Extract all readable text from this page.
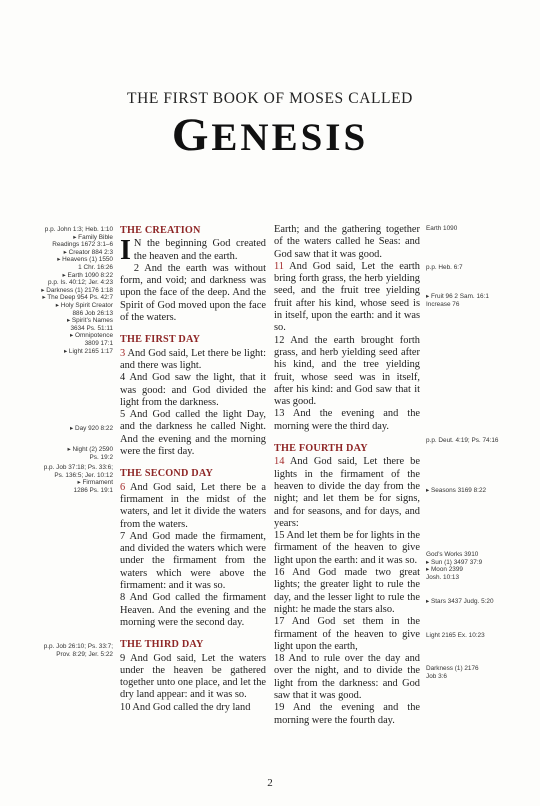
THE FIRST BOOK OF MOSES CALLED
GENESIS
p.p. John 1:3; Heb. 1:10
▸ Family Bible
Readings 1672 3:1–6
▸ Creator 884 2:3
▸ Heavens (1) 1550
1 Chr. 16:26
▸ Earth 1090 8:22
p.p. Is. 40:12; Jer. 4:23
▸ Darkness (1) 2176 1:18
▸ The Deep 954 Ps. 42:7
▸ Holy Spirit Creator
886 Job 26:13
▸ Spirit’s Names
3634 Ps. 51:11
▸ Omnipotence
3809 17:1
▸ Light 2165 1:17
▸ Day 920 8:22
▸ Night (2) 2590
Ps. 19:2
p.p. Job 37:18; Ps. 33:6;
Ps. 136:5; Jer. 10:12
▸ Firmament
1286 Ps. 19:1
p.p. Job 26:10; Ps. 33:7;
Prov. 8:29; Jer. 5:22
Earth 1090
p.p. Heb. 6:7
▸ Fruit 96 2 Sam. 16:1
Increase 76
p.p. Deut. 4:19; Ps. 74:16
▸ Seasons 3169 8:22
God’s Works 3910
▸ Sun (1) 3497 37:9
▸ Moon 2399
Josh. 10:13
▸ Stars 3437 Judg. 5:20
Light 2165 Ex. 10:23
Darkness (1) 2176
Job 3:6
THE CREATION
I N the beginning God created the heaven and the earth.
2 And the earth was without form, and void; and darkness was upon the face of the deep. And the Spirit of God moved upon the face of the waters.
THE FIRST DAY
3 And God said, Let there be light: and there was light.
4 And God saw the light, that it was good: and God divided the light from the darkness.
5 And God called the light Day, and the darkness he called Night. And the evening and the morning were the first day.
THE SECOND DAY
6 And God said, Let there be a firmament in the midst of the waters, and let it divide the waters from the waters.
7 And God made the firmament, and divided the waters which were under the firmament from the waters which were above the firmament: and it was so.
8 And God called the firmament Heaven. And the evening and the morning were the second day.
THE THIRD DAY
9 And God said, Let the waters under the heaven be gathered together unto one place, and let the dry land appear: and it was so.
10 And God called the dry land
Earth; and the gathering together of the waters called he Seas: and God saw that it was good.
11 And God said, Let the earth bring forth grass, the herb yielding seed, and the fruit tree yielding fruit after his kind, whose seed is in itself, upon the earth: and it was so.
12 And the earth brought forth grass, and herb yielding seed after his kind, and the tree yielding fruit, whose seed was in itself, after his kind: and God saw that it was good.
13 And the evening and the morning were the third day.
THE FOURTH DAY
14 And God said, Let there be lights in the firmament of the heaven to divide the day from the night; and let them be for signs, and for seasons, and for days, and years:
15 And let them be for lights in the firmament of the heaven to give light upon the earth: and it was so.
16 And God made two great lights; the greater light to rule the day, and the lesser light to rule the night: he made the stars also.
17 And God set them in the firmament of the heaven to give light upon the earth,
18 And to rule over the day and over the night, and to divide the light from the darkness: and God saw that it was good.
19 And the evening and the morning were the fourth day.
2
